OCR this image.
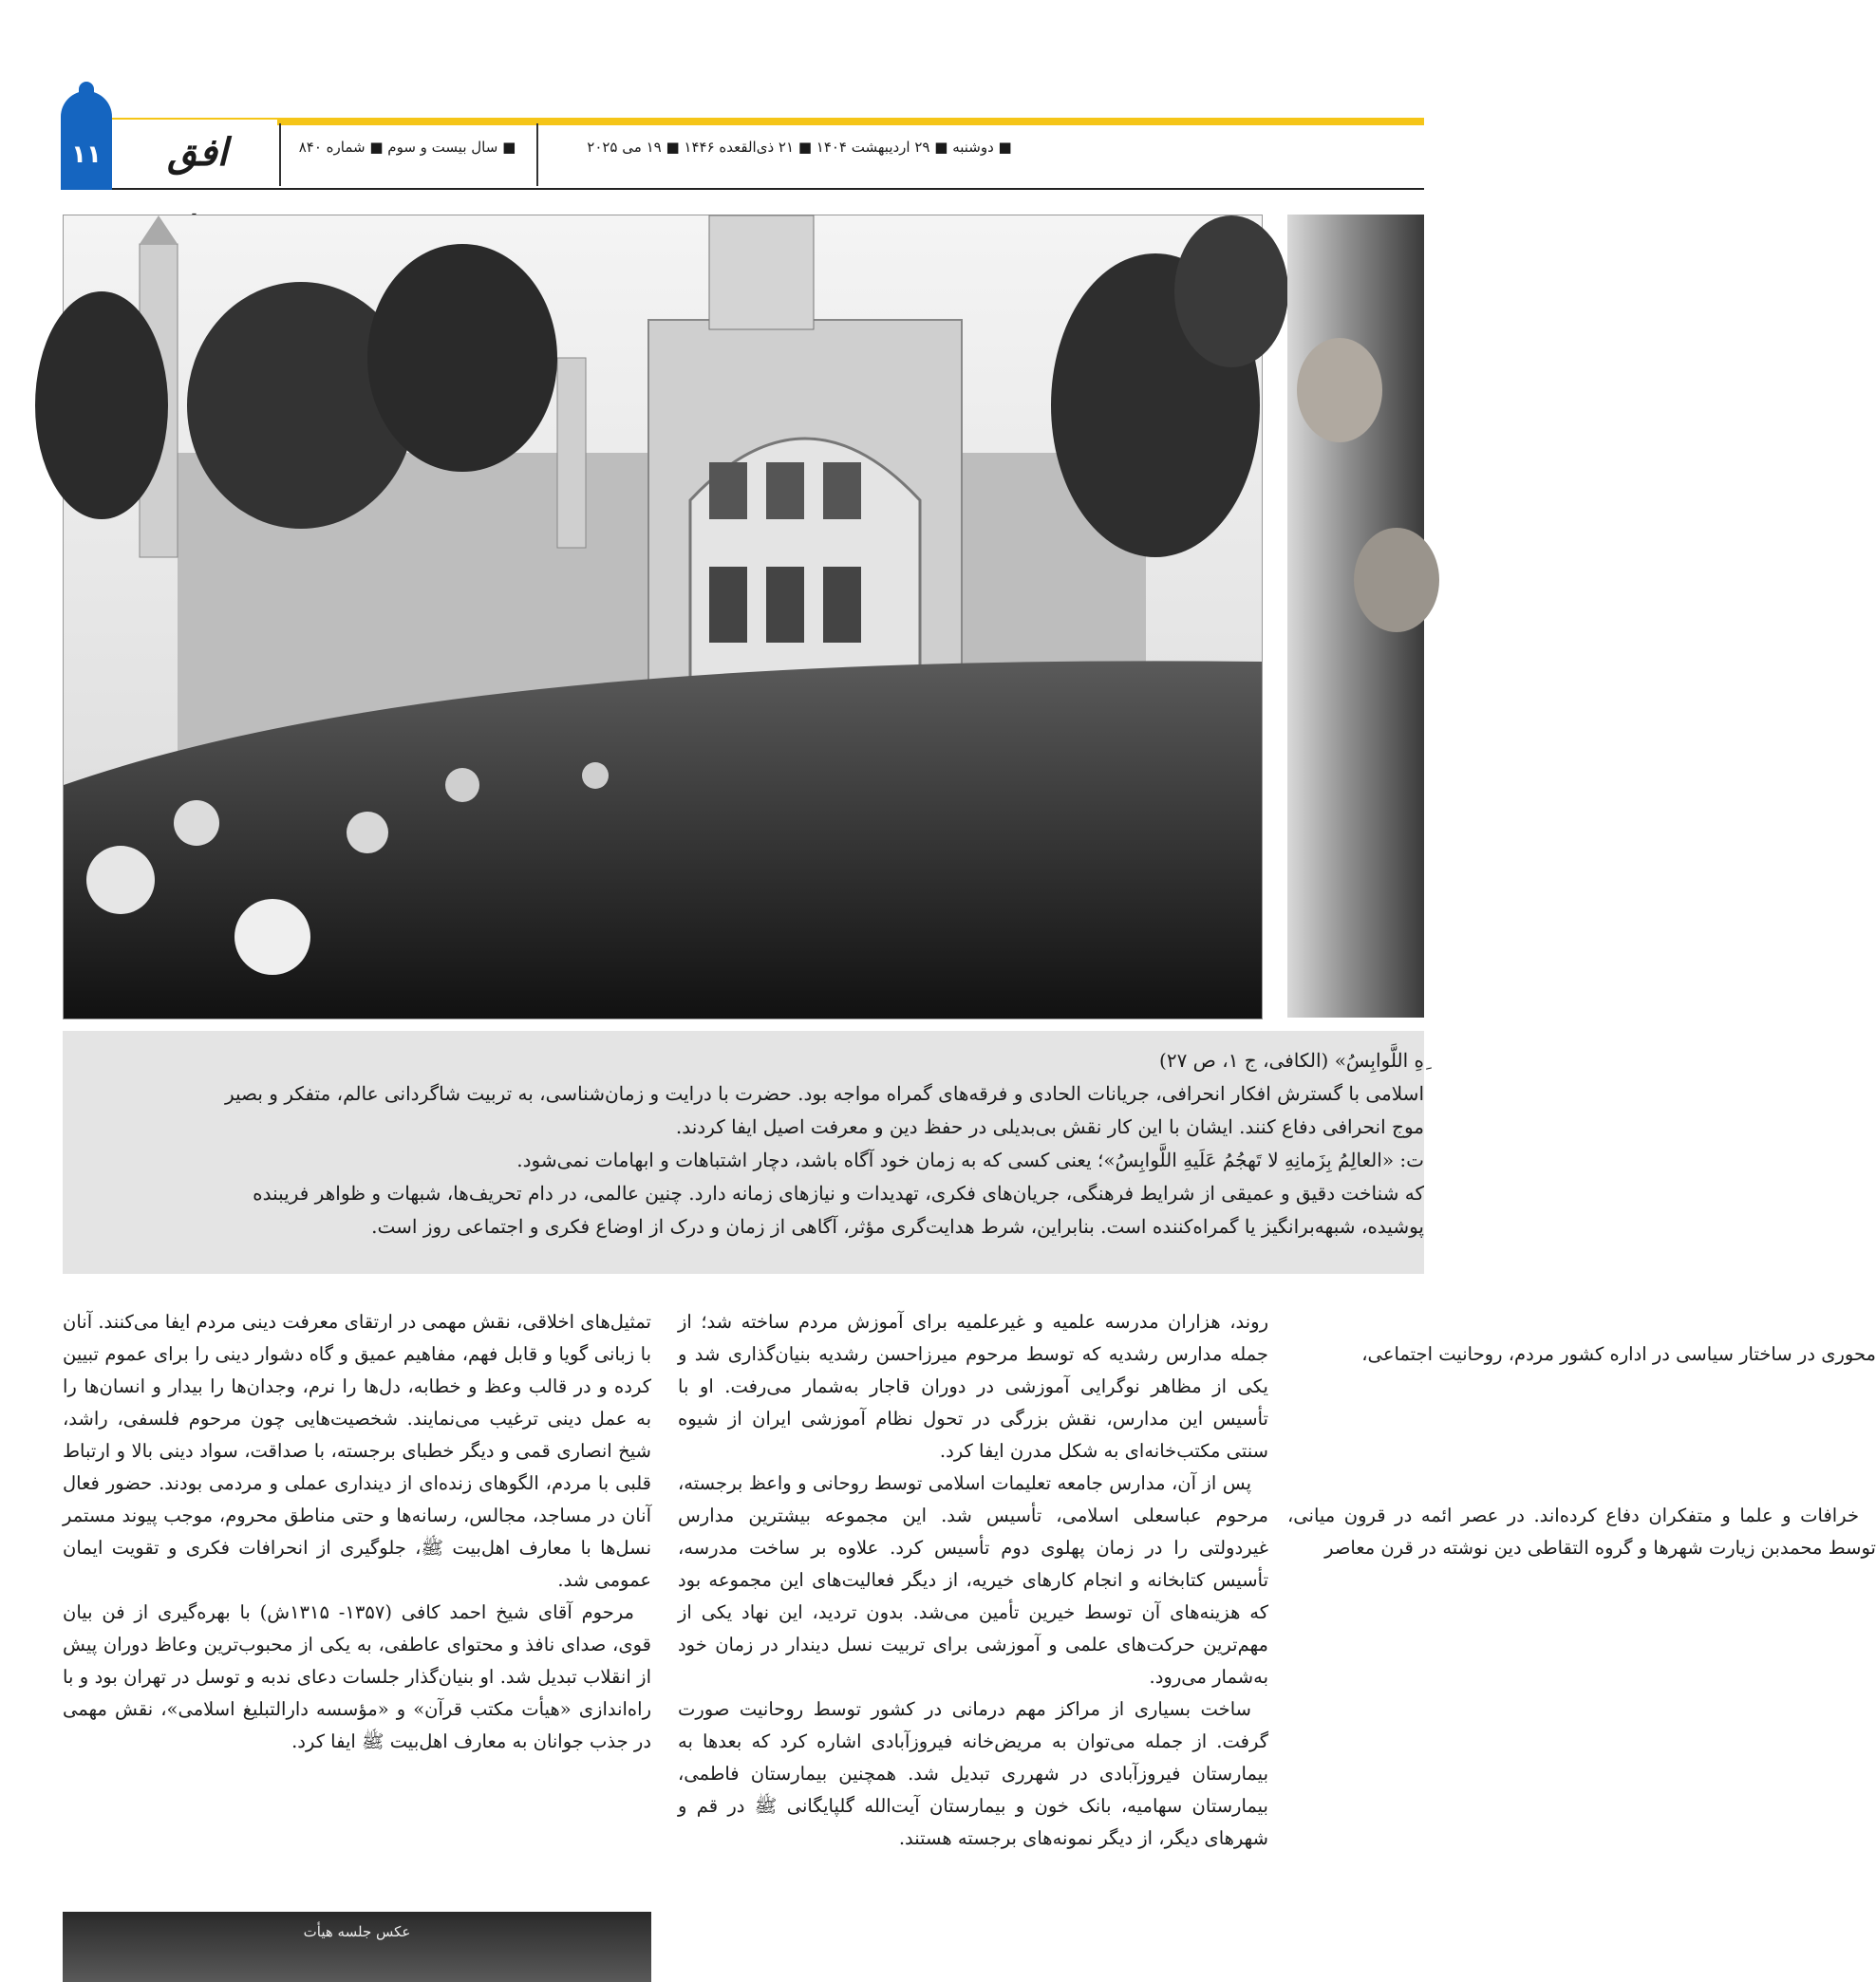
۱۱	افق	■ سال بیست و سوم ■ شماره ۸۴۰	■ دوشنبه ■ ۲۹ اردیبهشت ۱۴۰۴ ■ ۲۱ ذی‌القعده ۱۴۴۶ ■ ۱۹ می ۲۰۲۵
ِهِ اللَّوابِسُ» (الکافی، ج ۱، ص ۲۷)
اسلامی با گسترش افکار انحرافی، جریانات الحادی و فرقه‌های گمراه مواجه بود. حضرت با درایت و زمان‌شناسی، به تربیت شاگردانی عالم، متفکر و بصیر
موج انحرافی دفاع کنند. ایشان با این کار نقش بی‌بدیلی در حفظ دین و معرفت اصیل ایفا کردند.
ت: «العالِمُ بِزَمانِهِ لا تَهجُمُ عَلَیهِ اللَّوابِسُ»؛ یعنی کسی که به زمان خود آگاه باشد، دچار اشتباهات و ابهامات نمی‌شود.
که شناخت دقیق و عمیقی از شرایط فرهنگی، جریان‌های فکری، تهدیدات و نیازهای زمانه دارد. چنین عالمی، در دام تحریف‌ها، شبهات و ظواهر فریبنده
پوشیده، شبهه‌برانگیز یا گمراه‌کننده است. بنابراین، شرط هدایت‌گری مؤثر، آگاهی از زمان و درک از اوضاع فکری و اجتماعی روز است.

تمثیل‌های اخلاقی، نقش مهمی در ارتقای معرفت دینی مردم ایفا می‌کنند. آنان با زبانی گویا و قابل فهم، مفاهیم عمیق و گاه دشوار دینی را برای عموم تبیین کرده و در قالب وعظ و خطابه، دل‌ها را نرم، وجدان‌ها را بیدار و انسان‌ها را به عمل دینی ترغیب می‌نمایند. شخصیت‌هایی چون مرحوم فلسفی، راشد، شیخ انصاری قمی و دیگر خطبای برجسته، با صداقت، سواد دینی بالا و ارتباط قلبی با مردم، الگوهای زنده‌ای از دینداری عملی و مردمی بودند. حضور فعال آنان در مساجد، مجالس، رسانه‌ها و حتی مناطق محروم، موجب پیوند مستمر نسل‌ها با معارف اهل‌بیت ﷺ، جلوگیری از انحرافات فکری و تقویت ایمان عمومی شد.

مرحوم آقای شیخ احمد کافی (۱۳۵۷- ۱۳۱۵ش) با بهره‌گیری از فن بیان قوی، صدای نافذ و محتوای عاطفی، به یکی از محبوب‌ترین وعاظ دوران پیش از انقلاب تبدیل شد. او بنیان‌گذار جلسات دعای ندبه و توسل در تهران بود و با راه‌اندازی «هیأت مکتب قرآن» و «مؤسسه دارالتبلیغ اسلامی»، نقش مهمی در جذب جوانان به معارف اهل‌بیت ﷺ ایفا کرد.

عکس جلسه هیأت

روند، هزاران مدرسه علمیه و غیرعلمیه برای آموزش مردم ساخته شد؛ از جمله مدارس رشدیه که توسط مرحوم میرزاحسن رشدیه بنیان‌گذاری شد و یکی از مظاهر نوگرایی آموزشی در دوران قاجار به‌شمار می‌رفت. او با تأسیس این مدارس، نقش بزرگی در تحول نظام آموزشی ایران از شیوه سنتی مکتب‌خانه‌ای به شکل مدرن ایفا کرد.

پس از آن، مدارس جامعه تعلیمات اسلامی توسط روحانی و واعظ برجسته، مرحوم عباسعلی اسلامی، تأسیس شد. این مجموعه بیشترین مدارس غیردولتی را در زمان پهلوی دوم تأسیس کرد. علاوه بر ساخت مدرسه، تأسیس کتابخانه و انجام کارهای خیریه، از دیگر فعالیت‌های این مجموعه بود که هزینه‌های آن توسط خیرین تأمین می‌شد. بدون تردید، این نهاد یکی از مهم‌ترین حرکت‌های علمی و آموزشی برای تربیت نسل دیندار در زمان خود به‌شمار می‌رود.

ساخت بسیاری از مراکز مهم درمانی در کشور توسط روحانیت صورت گرفت. از جمله می‌توان به مریض‌خانه فیروزآبادی اشاره کرد که بعدها به بیمارستان فیروزآبادی در شهرری تبدیل شد. همچنین بیمارستان فاطمی، بیمارستان سهامیه، بانک خون و بیمارستان آیت‌الله گلپایگانی ﷺ در قم و شهرهای دیگر، از دیگر نمونه‌های برجسته هستند.

محوری در ساختار سیاسی در اداره کشور مردم، روحانیت اجتماعی،

خرافات و علما و متفکران دفاع کرده‌اند. در عصر ائمه در قرون میانی، توسط محمدبن زیارت شهرها و گروه التقاطی دین نوشته در قرن معاصر
